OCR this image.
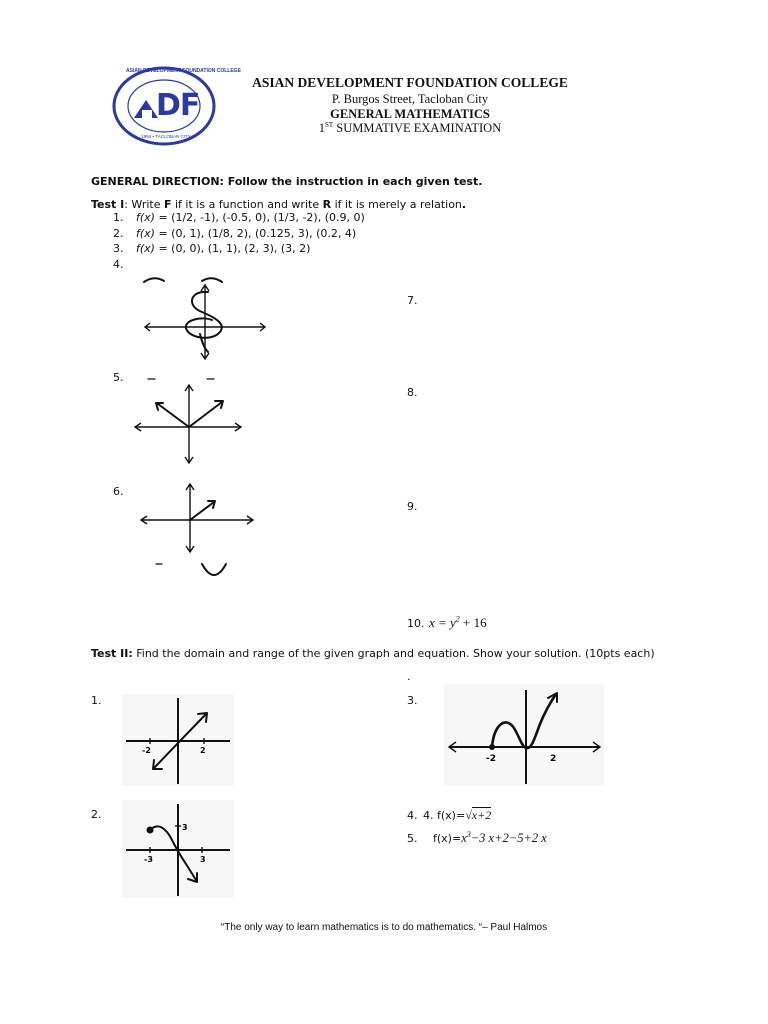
DF
ASIAN DEVELOPMENT FOUNDATION COLLEGE
1984 • TACLOBAN CITY
ASIAN DEVELOPMENT FOUNDATION COLLEGE
P. Burgos Street, Tacloban City
GENERAL MATHEMATICS
1ST SUMMATIVE EXAMINATION
GENERAL DIRECTION: Follow the instruction in each given test.
Test I: Write F if it is a function and write R if it is merely a relation.
1. f(x) = (1/2, -1), (-0.5, 0), (1/3, -2), (0.9, 0)
2. f(x) = (0, 1), (1/8, 2), (0.125, 3), (0.2, 4)
3. f(x) = (0, 0), (1, 1), (2, 3), (3, 2)
4.
7.
5.
8.
6.
9.
10. $x = y^2 + 16$
Test II: Find the domain and range of the given graph and equation. Show your solution. (10pts each)
.
1.
-2	2
3.
-2	2
2.
-3	3
3
4. 4. f(x)=√x+2
5. $f(x)=x^3-3$ x+2−5+2 x
“The only way to learn mathematics is to do mathematics. “– Paul Halmos
